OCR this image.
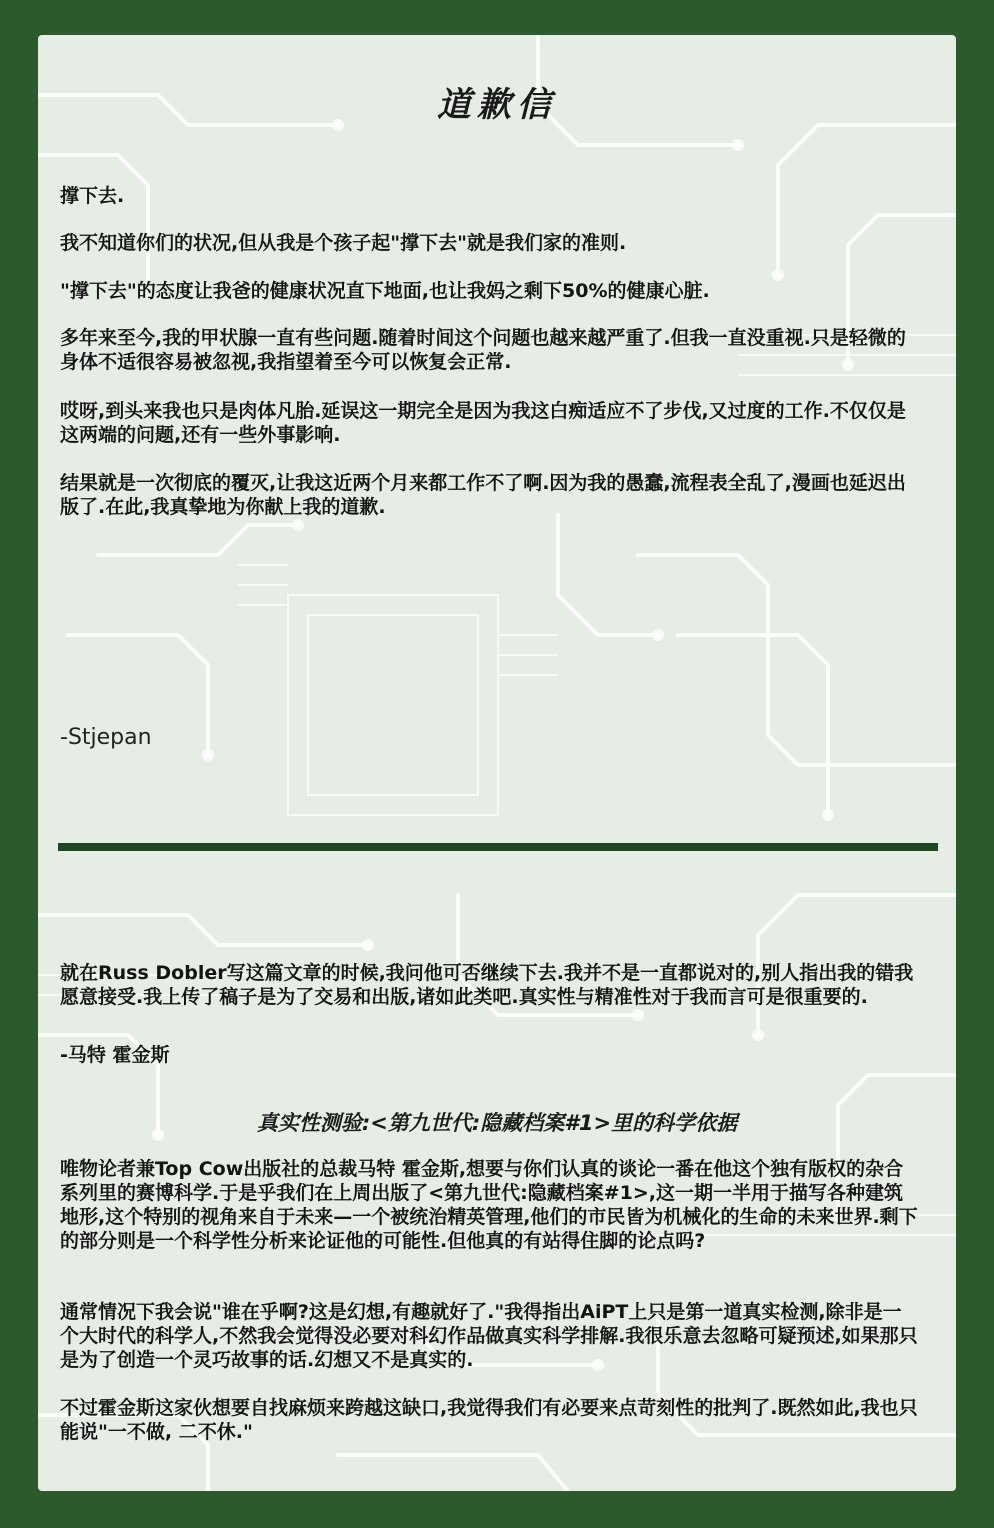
道歉信

撑下去.

我不知道你们的状况,但从我是个孩子起"撑下去"就是我们家的准则.

"撑下去"的态度让我爸的健康状况直下地面,也让我妈之剩下50%的健康心脏.

多年来至今,我的甲状腺一直有些问题.随着时间这个问题也越来越严重了.但我一直没重视.只是轻微的身体不适很容易被忽视,我指望着至今可以恢复会正常.

哎呀,到头来我也只是肉体凡胎.延误这一期完全是因为我这白痴适应不了步伐,又过度的工作.不仅仅是这两端的问题,还有一些外事影响.

结果就是一次彻底的覆灭,让我这近两个月来都工作不了啊.因为我的愚蠢,流程表全乱了,漫画也延迟出版了.在此,我真挚地为你献上我的道歉.

-Stjepan

就在Russ Dobler写这篇文章的时候,我问他可否继续下去.我并不是一直都说对的,别人指出我的错我愿意接受.我上传了稿子是为了交易和出版,诸如此类吧.真实性与精准性对于我而言可是很重要的.

-马特 霍金斯

真实性测验:<第九世代:隐藏档案#1>里的科学依据

唯物论者兼Top Cow出版社的总裁马特 霍金斯,想要与你们认真的谈论一番在他这个独有版权的杂合系列里的赛博科学.于是乎我们在上周出版了<第九世代:隐藏档案#1>,这一期一半用于描写各种建筑地形,这个特别的视角来自于未来—一个被统治精英管理,他们的市民皆为机械化的生命的未来世界.剩下的部分则是一个科学性分析来论证他的可能性.但他真的有站得住脚的论点吗?

通常情况下我会说"谁在乎啊?这是幻想,有趣就好了."我得指出AiPT上只是第一道真实检测,除非是一个大时代的科学人,不然我会觉得没必要对科幻作品做真实科学排解.我很乐意去忽略可疑预述,如果那只是为了创造一个灵巧故事的话.幻想又不是真实的.

不过霍金斯这家伙想要自找麻烦来跨越这缺口,我觉得我们有必要来点苛刻性的批判了.既然如此,我也只能说"一不做, 二不休."
